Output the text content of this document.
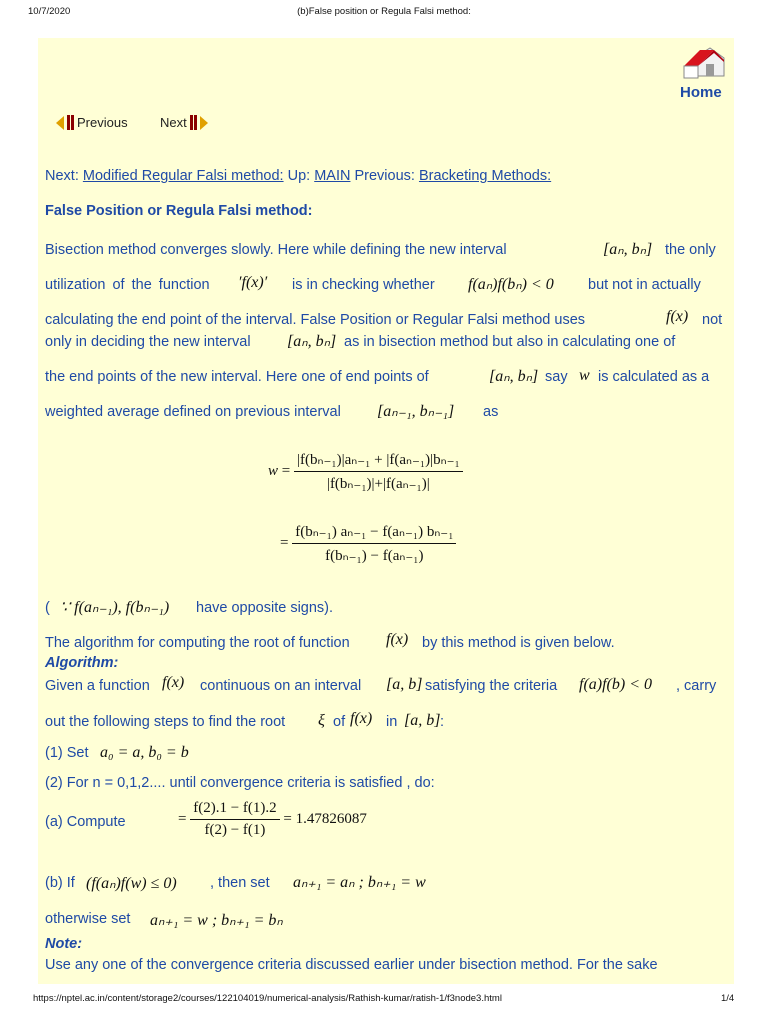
10/7/2020	(b)False position or Regula Falsi method:
Home
Previous Next
Next: Modified Regular Falsi method: Up: MAIN Previous: Bracketing Methods:
False Position or Regula Falsi method:
Bisection method converges slowly. Here while defining the new interval	[aₙ, bₙ] the only
utilization of the function ′f(x)′ is in checking whether f(aₙ)f(bₙ) < 0 but not in actually
calculating the end point of the interval. False Position or Regular Falsi method uses	f(x) not
only in deciding the new interval [aₙ, bₙ] as in bisection method but also in calculating one of
the end points of the new interval. Here one of end points of	[aₙ, bₙ] say w is calculated as a
weighted average defined on previous interval [aₙ₋₁, bₙ₋₁] as
$w = \frac{\text{|f(bₙ₋₁)|aₙ₋₁ + |f(aₙ₋₁)|bₙ₋₁}}{\text{|f(bₙ₋₁)|+|f(aₙ₋₁)|}}$
= $\frac{\text{f(bₙ₋₁) aₙ₋₁ − f(aₙ₋₁) bₙ₋₁}}{\text{f(bₙ₋₁) − f(aₙ₋₁)}}$
( ∵ f(aₙ₋₁), f(bₙ₋₁) have opposite signs).
The algorithm for computing the root of function f(x) by this method is given below.
Algorithm:
Given a function f(x) continuous on an interval [a, b] satisfying the criteria f(a)f(b) < 0 , carry
out the following steps to find the root ξ of f(x) in [a, b] :
(1) Set a₀ = a, b₀ = b
(2) For n = 0,1,2.... until convergence criteria is satisfied , do:
(a) Compute	= $\frac{f(2).1 - f(1).2}{f(2) - f(1)} = 1.47826087$
(b) If (f(aₙ)f(w) ≤ 0) , then set aₙ₊₁ = aₙ ; bₙ₊₁ = w
otherwise set aₙ₊₁ = w ; bₙ₊₁ = bₙ
Note:
Use any one of the convergence criteria discussed earlier under bisection method. For the sake
https://nptel.ac.in/content/storage2/courses/122104019/numerical-analysis/Rathish-kumar/ratish-1/f3node3.html	1/4
